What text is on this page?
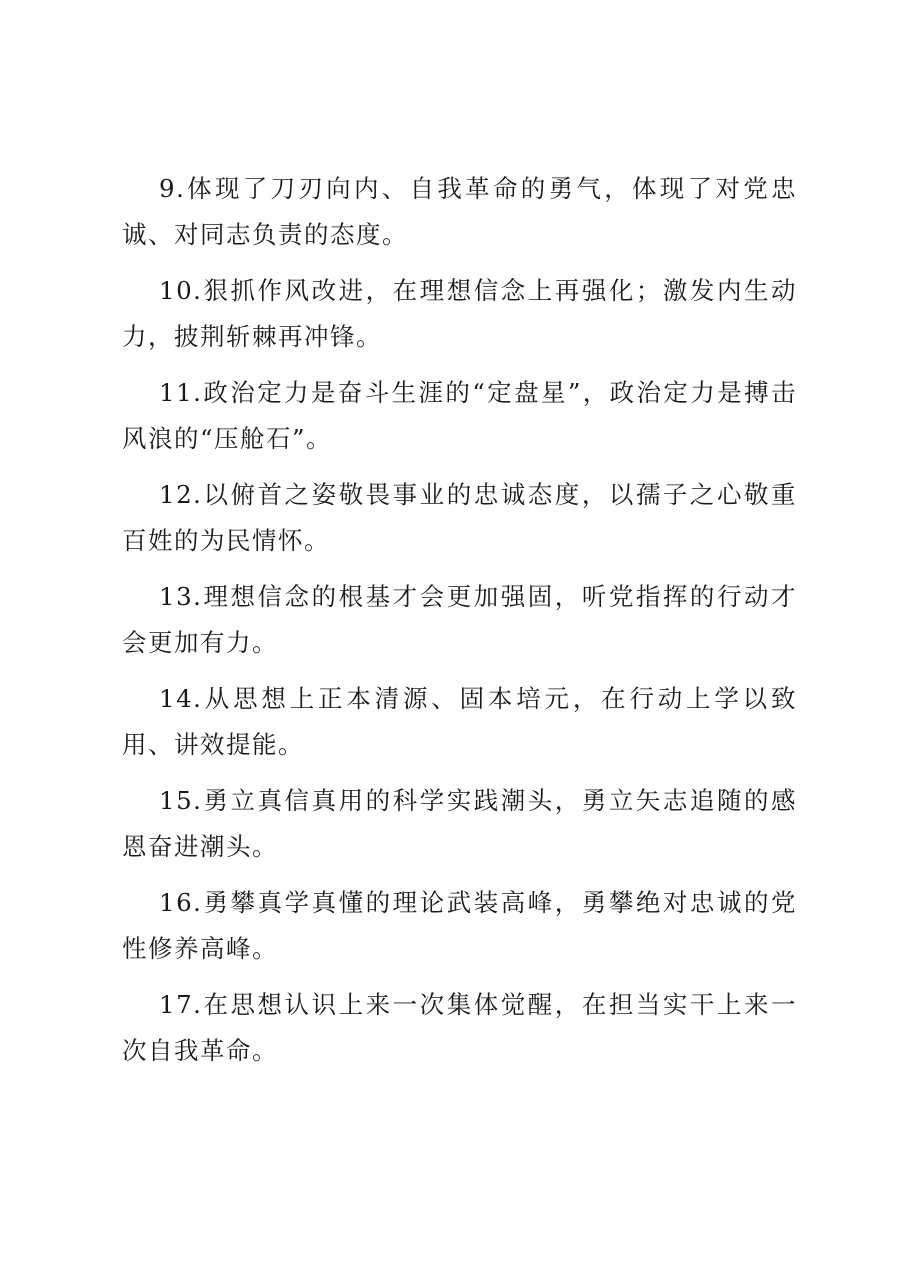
9.体现了刀刃向内、自我革命的勇气，体现了对党忠诚、对同志负责的态度。

10.狠抓作风改进，在理想信念上再强化；激发内生动力，披荆斩棘再冲锋。

11.政治定力是奋斗生涯的“定盘星”，政治定力是搏击风浪的“压舱石”。

12.以俯首之姿敬畏事业的忠诚态度，以孺子之心敬重百姓的为民情怀。

13.理想信念的根基才会更加强固，听党指挥的行动才会更加有力。

14.从思想上正本清源、固本培元，在行动上学以致用、讲效提能。

15.勇立真信真用的科学实践潮头，勇立矢志追随的感恩奋进潮头。

16.勇攀真学真懂的理论武装高峰，勇攀绝对忠诚的党性修养高峰。

17.在思想认识上来一次集体觉醒，在担当实干上来一次自我革命。
